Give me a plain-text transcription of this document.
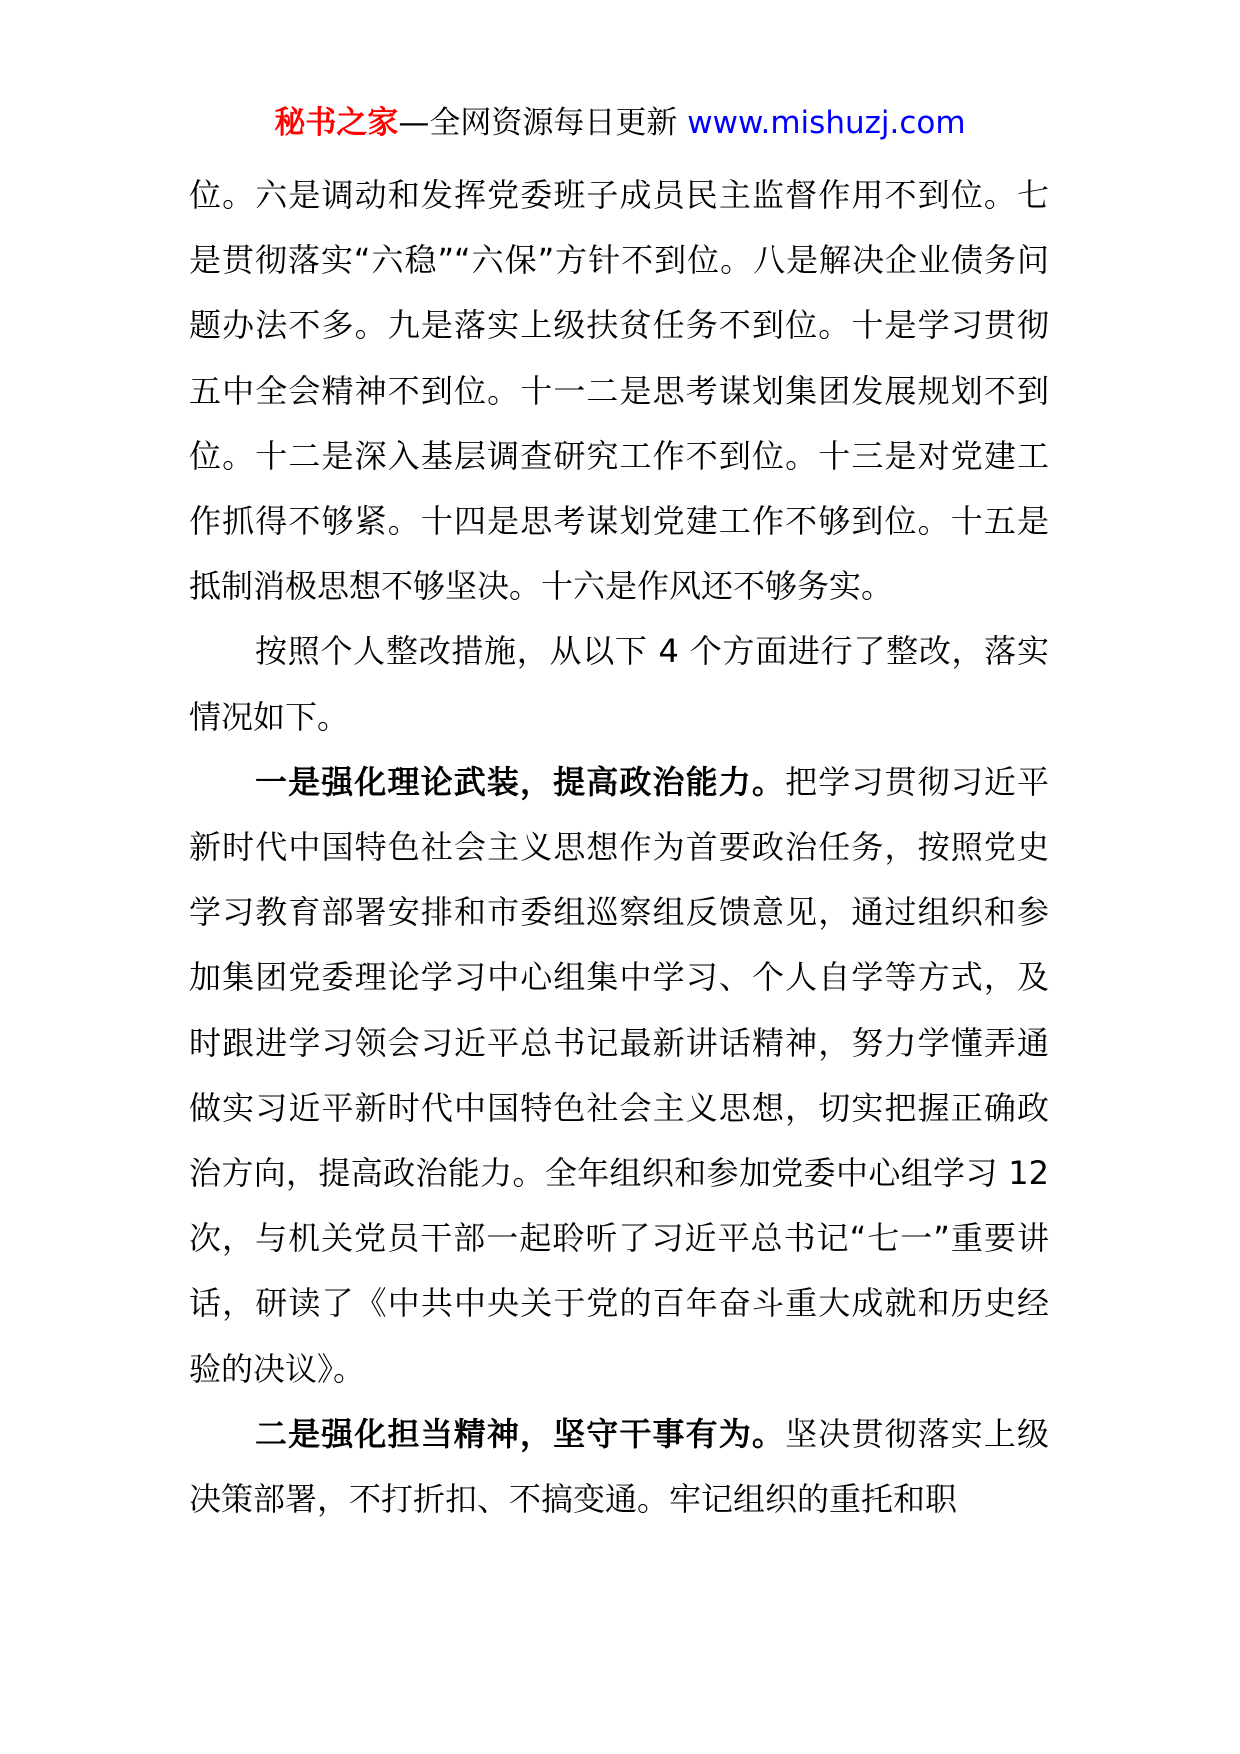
秘书之家—全网资源每日更新 www.mishuzj.com

位。六是调动和发挥党委班子成员民主监督作用不到位。七是贯彻落实“六稳”“六保”方针不到位。八是解决企业债务问题办法不多。九是落实上级扶贫任务不到位。十是学习贯彻五中全会精神不到位。十一二是思考谋划集团发展规划不到位。十二是深入基层调查研究工作不到位。十三是对党建工作抓得不够紧。十四是思考谋划党建工作不够到位。十五是抵制消极思想不够坚决。十六是作风还不够务实。

按照个人整改措施，从以下 4 个方面进行了整改，落实情况如下。

一是强化理论武装，提高政治能力。把学习贯彻习近平新时代中国特色社会主义思想作为首要政治任务，按照党史学习教育部署安排和市委组巡察组反馈意见，通过组织和参加集团党委理论学习中心组集中学习、个人自学等方式，及时跟进学习领会习近平总书记最新讲话精神，努力学懂弄通做实习近平新时代中国特色社会主义思想，切实把握正确政治方向，提高政治能力。全年组织和参加党委中心组学习 12 次，与机关党员干部一起聆听了习近平总书记“七一”重要讲话，研读了《中共中央关于党的百年奋斗重大成就和历史经验的决议》。

二是强化担当精神，坚守干事有为。坚决贯彻落实上级决策部署，不打折扣、不搞变通。牢记组织的重托和职
